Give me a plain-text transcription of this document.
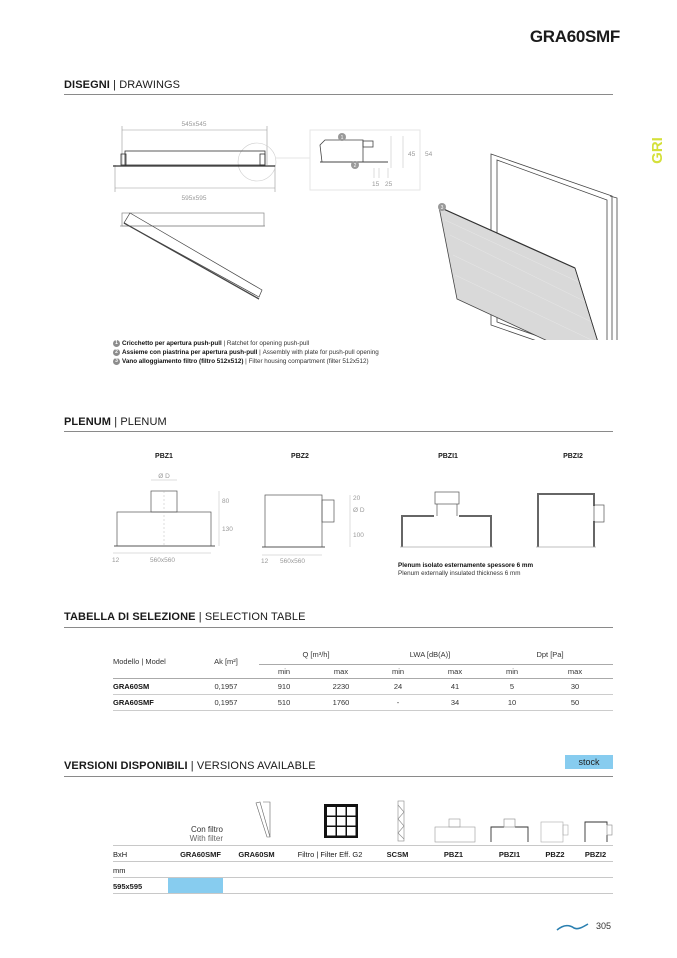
GRA60SMF
GRI
DISEGNI | DRAWINGS
1
2
3
545x545
595x595
45 54
15 25
1 Cricchetto per apertura push-pull | Ratchet for opening push-pull
2 Assieme con piastrina per apertura push-pull | Assembly with plate for push-pull opening
3 Vano alloggiamento filtro (filtro 512x512) | Filter housing compartment (filter 512x512)
PLENUM | PLENUM
PBZ1	PBZ2	PBZI1	PBZI2
Ø D
80
130
12	560x560
20
Ø D
100
12 560x560
Plenum isolato esternamente spessore 6 mm
Plenum externally insulated thickness 6 mm
TABELLA DI SELEZIONE | SELECTION TABLE
Modello | Model	Ak [m²]	Q [m³/h]		LWA [dB(A)]		Dpt [Pa]	
		min	max	min	max	min	max
GRA60SM	0,1957	910	2230	24	41	5	30
GRA60SMF	0,1957	510	1760	-	34	10	50
VERSIONI DISPONIBILI | VERSIONS AVAILABLE	stock
Con filtro
With filter
BxH	GRA60SMF	GRA60SM	Filtro | Filter Eff. G2	SCSM	PBZ1	PBZI1	PBZ2	PBZI2
mm
595x595
305
